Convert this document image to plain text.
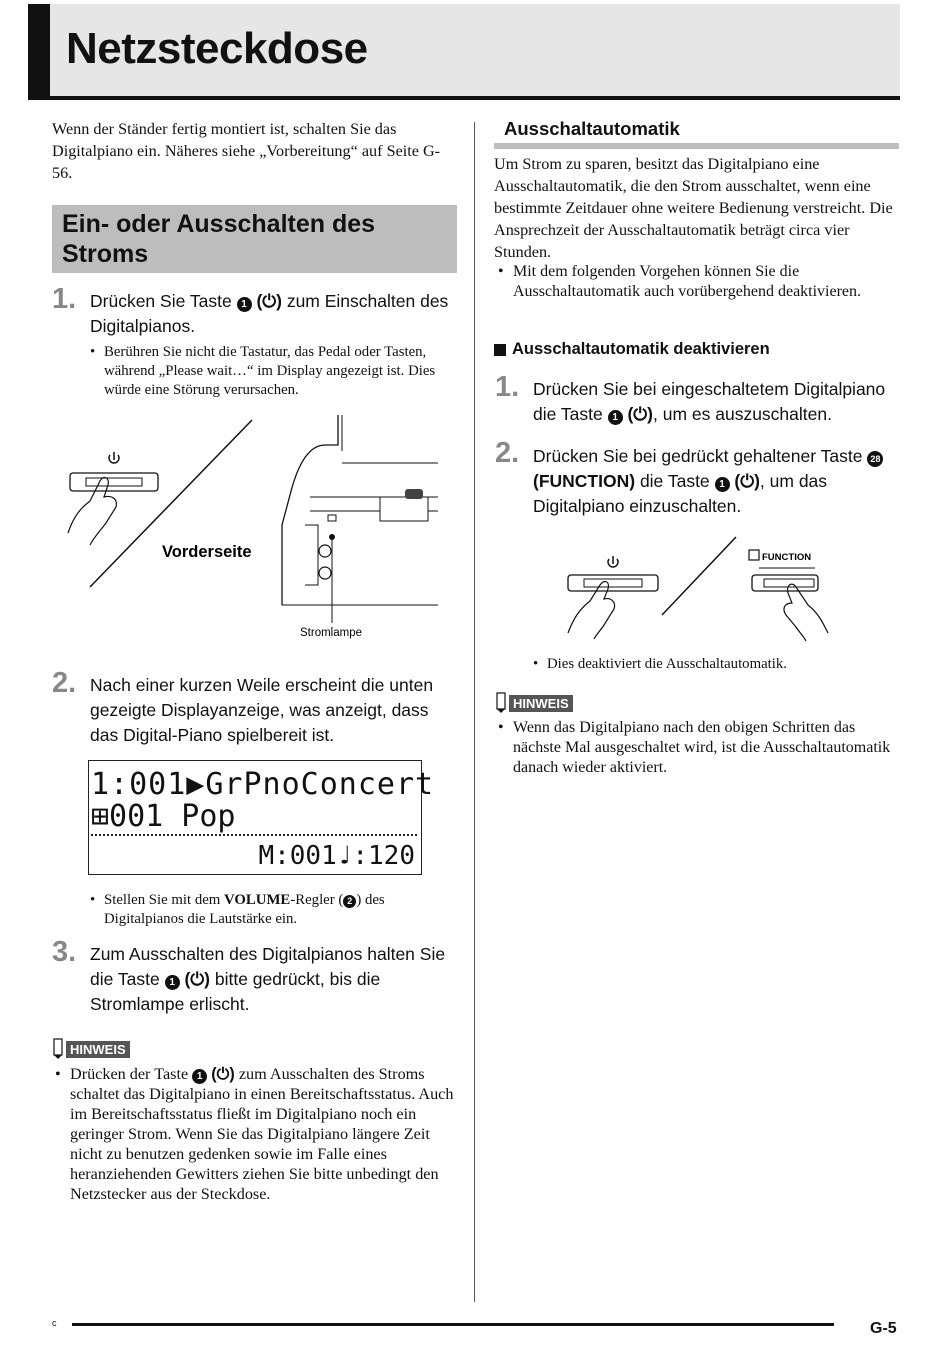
Netzsteckdose

Wenn der Ständer fertig montiert ist, schalten Sie das Digitalpiano ein. Näheres siehe „Vorbereitung“ auf Seite G-56.

Ein- oder Ausschalten des Stroms
1. Drücken Sie Taste 1 (⏻) zum Einschalten des Digitalpianos.
• Berühren Sie nicht die Tastatur, das Pedal oder Tasten, während „Please wait…“ im Display angezeigt ist. Dies würde eine Störung verursachen.
Vorderseite
Stromlampe
2. Nach einer kurzen Weile erscheint die unten gezeigte Displayanzeige, was anzeigt, dass das Digital-Piano spielbereit ist.
1:001▶GrPnoConcert
⊞001 Pop
M:001♩:120
• Stellen Sie mit dem VOLUME-Regler ( 2 ) des Digitalpianos die Lautstärke ein.
3. Zum Ausschalten des Digitalpianos halten Sie die Taste 1 (⏻) bitte gedrückt, bis die Stromlampe erlischt.
HINWEIS
• Drücken der Taste 1 (⏻) zum Ausschalten des Stroms schaltet das Digitalpiano in einen Bereitschaftsstatus. Auch im Bereitschaftsstatus fließt im Digitalpiano noch ein geringer Strom. Wenn Sie das Digitalpiano längere Zeit nicht zu benutzen gedenken sowie im Falle eines heranziehenden Gewitters ziehen Sie bitte unbedingt den Netzstecker aus der Steckdose.
Ausschaltautomatik

Um Strom zu sparen, besitzt das Digitalpiano eine Ausschaltautomatik, die den Strom ausschaltet, wenn eine bestimmte Zeitdauer ohne weitere Bedienung verstreicht. Die Ansprechzeit der Ausschaltautomatik beträgt circa vier Stunden.

• Mit dem folgenden Vorgehen können Sie die Ausschaltautomatik auch vorübergehend deaktivieren.
Ausschaltautomatik deaktivieren
1. Drücken Sie bei eingeschaltetem Digitalpiano die Taste 1 (⏻), um es auszuschalten.
2. Drücken Sie bei gedrückt gehaltener Taste 28 (FUNCTION) die Taste 1 (⏻), um das Digitalpiano einzuschalten.
FUNCTION
• Dies deaktiviert die Ausschaltautomatik.
HINWEIS
• Wenn das Digitalpiano nach den obigen Schritten das nächste Mal ausgeschaltet wird, ist die Ausschaltautomatik danach wieder aktiviert.
c	G-5
